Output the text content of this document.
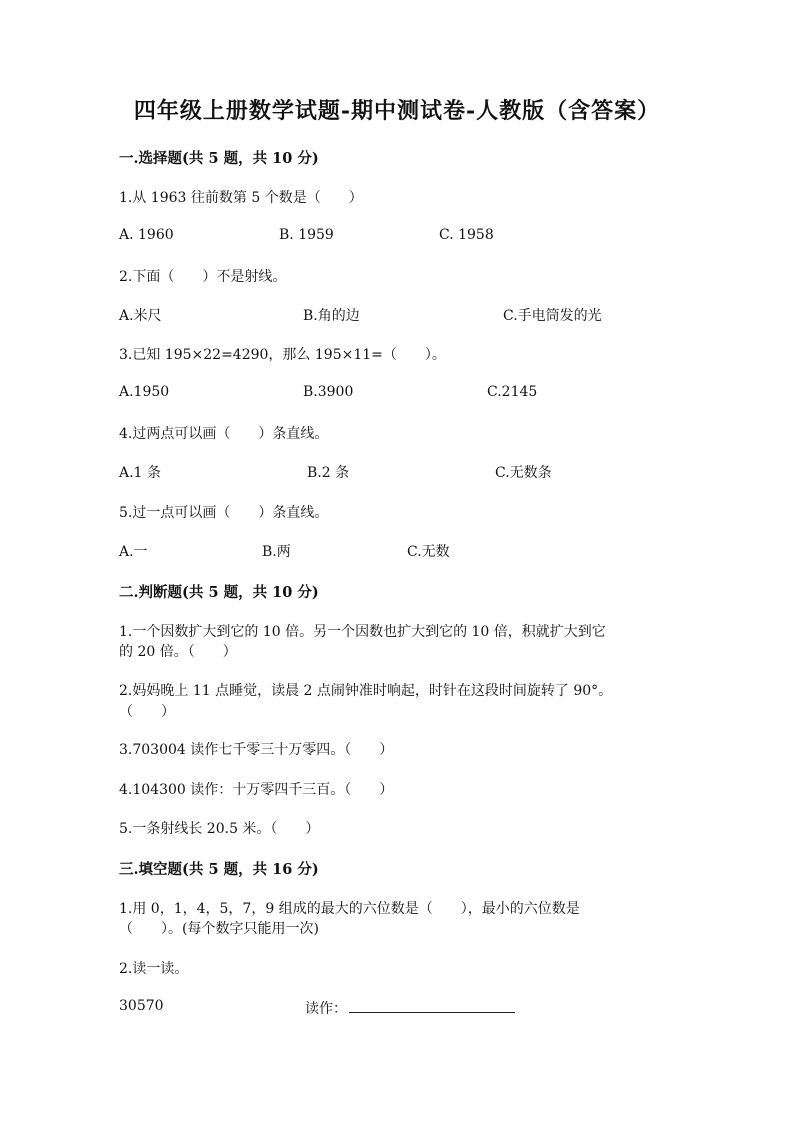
四年级上册数学试题-期中测试卷-人教版（含答案）
一.选择题(共 5 题，共 10 分)
1.从 1963 往前数第 5 个数是（　　）
A. 1960	B. 1959	C. 1958
2.下面（　　）不是射线。
A.米尺	B.角的边	C.手电筒发的光
3.已知 195×22=4290，那么 195×11=（　　）。
A.1950	B.3900	C.2145
4.过两点可以画（　　）条直线。
A.1 条	B.2 条	C.无数条
5.过一点可以画（　　）条直线。
A.一	B.两	C.无数
二.判断题(共 5 题，共 10 分)
1.一个因数扩大到它的 10 倍。另一个因数也扩大到它的 10 倍，积就扩大到它
的 20 倍。（　　）
2.妈妈晚上 11 点睡觉，读晨 2 点闹钟准时响起，时针在这段时间旋转了 90°。
（　　）
3.703004 读作七千零三十万零四。（　　）
4.104300 读作：十万零四千三百。（　　）
5.一条射线长 20.5 米。（　　）
三.填空题(共 5 题，共 16 分)
1.用 0，1，4，5，7，9 组成的最大的六位数是（　　），最小的六位数是
（　　）。(每个数字只能用一次)
2.读一读。
30570	读作：
